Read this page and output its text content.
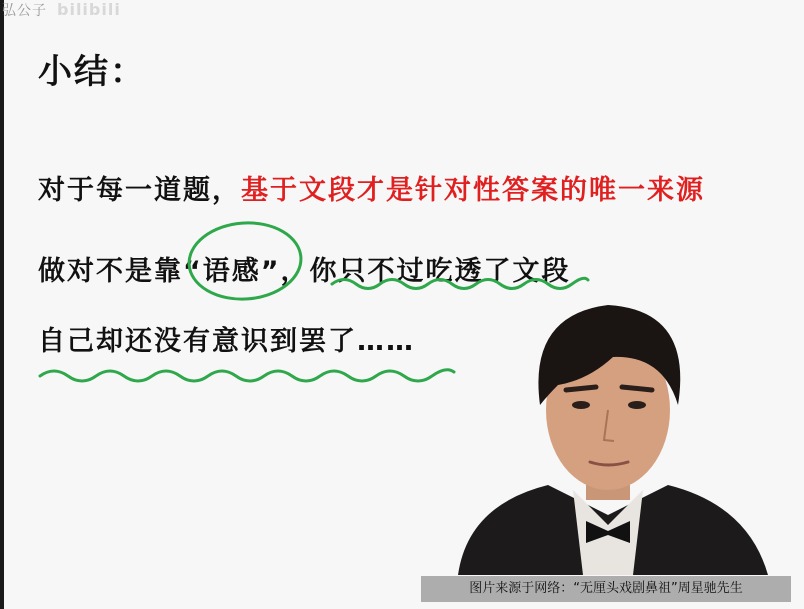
弘公子 bilibili
小结：
对于每一道题，基于文段才是针对性答案的唯一来源
做对不是靠“语感”，你只不过吃透了文段
自己却还没有意识到罢了……
图片来源于网络：“无厘头戏剧鼻祖”周星驰先生
